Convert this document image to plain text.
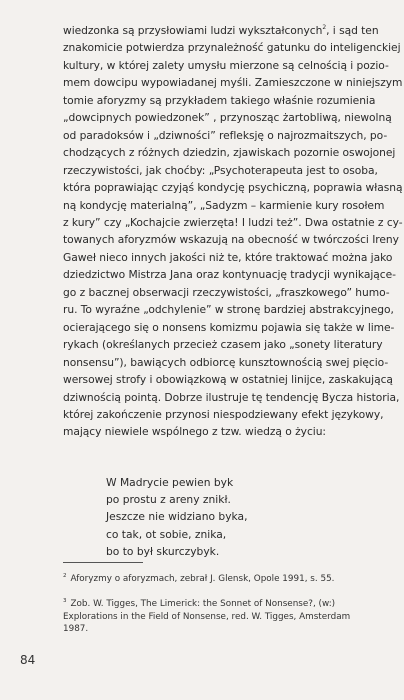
wiedzonka są przysłowiami ludzi wykształconych$^2$, i sąd ten
znakomicie potwierdza przynależność gatunku do inteligenckiej
kultury, w której zalety umysłu mierzone są celnością i pozio-
mem dowcipu wypowiadanej myśli. Zamieszczone w niniejszym
tomie aforyzmy są przykładem takiego właśnie rozumienia
„dowcipnych powiedzonek” , przynosząc żartobliwą, niewolną
od paradoksów i „dziwności” refleksję o najrozmaitszych, po-
chodzących z różnych dziedzin, zjawiskach pozornie oswojonej
rzeczywistości, jak choćby: „Psychoterapeuta jest to osoba,
która poprawiając czyjąś kondycję psychiczną, poprawia własną
ną kondycję materialną”, „Sadyzm – karmienie kury rosołem
z kury” czy „Kochajcie zwierzęta! I ludzi też”. Dwa ostatnie z cy-
towanych aforyzmów wskazują na obecność w twórczości Ireny
Gaweł nieco innych jakości niż te, które traktować można jako
dziedzictwo Mistrza Jana oraz kontynuację tradycji wynikające-
go z bacznej obserwacji rzeczywistości, „fraszkowego” humo-
ru. To wyraźne „odchylenie” w stronę bardziej abstrakcyjnego,
ocierającego się o nonsens komizmu pojawia się także w lime-
rykach (określanych przecież czasem jako „sonety literatury
nonsensu”), bawiących odbiorcę kunsztownością swej pięcio-
wersowej strofy i obowiązkową w ostatniej linijce, zaskakującą
dziwnością pointą. Dobrze ilustruje tę tendencję Bycza historia,
której zakończenie przynosi niespodziewany efekt językowy,
mający niewiele wspólnego z tzw. wiedzą o życiu:
W Madrycie pewien byk
po prostu z areny znikł.
Jeszcze nie widziano byka,
co tak, ot sobie, znika,
bo to był skurczybyk.
$^2$ Aforyzmy o aforyzmach, zebrał J. Glensk, Opole 1991, s. 55.
$^3$ Zob. W. Tigges, The Limerick: the Sonnet of Nonsense?, (w:) Explorations in the Field of Nonsense, red. W. Tigges, Amsterdam 1987.
84
